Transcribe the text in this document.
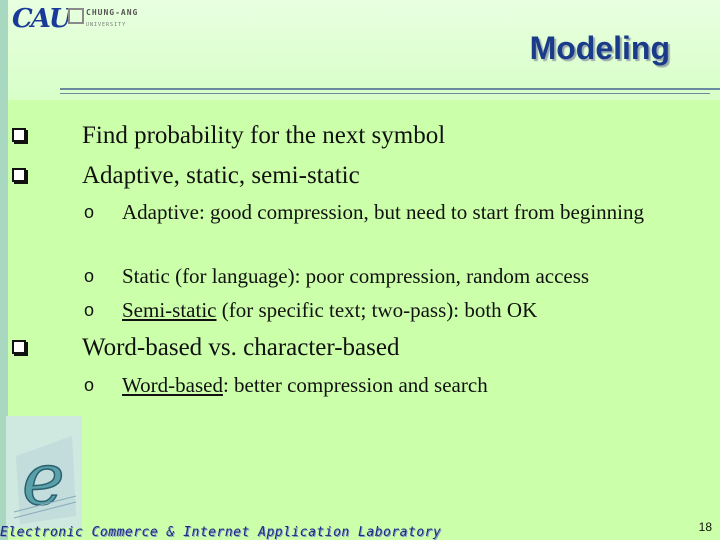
CAU CHUNG-ANG
UNIVERSITY
Modeling
Find probability for the next symbol
Adaptive, static, semi-static
o Adaptive: good compression, but need to start from beginning
o Static (for language): poor compression, random access
o Semi-static (for specific text; two-pass): both OK
Word-based vs. character-based
o Word-based: better compression and search
e
Electronic Commerce & Internet Application Laboratory	18
